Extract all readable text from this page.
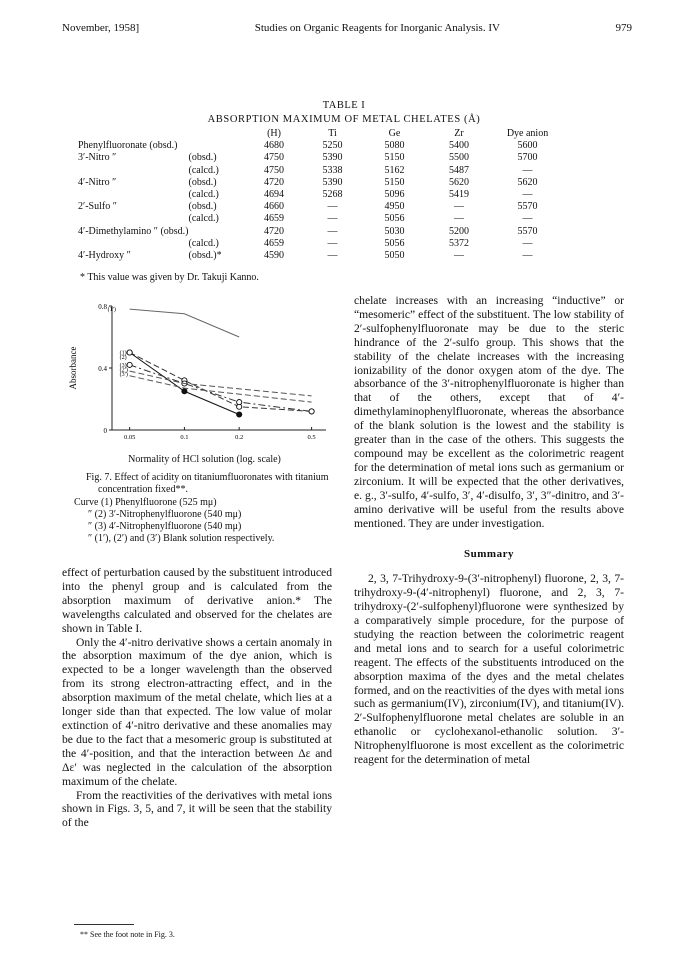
November, 1958]	Studies on Organic Reagents for Inorganic Analysis. IV	979
TABLE I
ABSORPTION MAXIMUM OF METAL CHELATES (Å)
		(H)	Ti	Ge	Zr	Dye anion
Phenylfluoronate (obsd.)		4680	5250	5080	5400	5600
3′-Nitro ″	(obsd.)	4750	5390	5150	5500	5700
	(calcd.)	4750	5338	5162	5487	—
4′-Nitro ″	(obsd.)	4720	5390	5150	5620	5620
	(calcd.)	4694	5268	5096	5419	—
2′-Sulfo ″	(obsd.)	4660	—	4950	—	5570
	(calcd.)	4659	—	5056	—	—
4′-Dimethylamino ″ (obsd.)		4720	—	5030	5200	5570
	(calcd.)	4659	—	5056	5372	—
4′-Hydroxy ″	(obsd.)*	4590	—	5050	—	—
* This value was given by Dr. Takuji Kanno.
0
0.4
0.8
0.05	0.1	0.2	0.5
Absorbance
(1′)
(1)
(2)
(3)
(2′)
(3′)
Normality of HCl solution (log. scale)
Fig. 7. Effect of acidity on titaniumfluoronates with titanium concentration fixed**.
Curve (1) Phenylfluorone (525 mμ)
″ (2) 3′-Nitrophenylfluorone (540 mμ)
″ (3) 4′-Nitrophenylfluorone (540 mμ)
″ (1′), (2′) and (3′) Blank solution respectively.

effect of perturbation caused by the substituent introduced into the phenyl group and is calculated from the absorption maximum of derivative anion.* The wavelengths calculated and observed for the chelates are shown in Table I.

Only the 4′-nitro derivative shows a certain anomaly in the absorption maximum of the dye anion, which is expected to be a longer wavelength than the observed from its strong electron-attracting effect, and in the absorption maximum of the metal chelate, which lies at a longer side than that expected. The low value of molar extinction of 4′-nitro derivative and these anomalies may be due to the fact that a mesomeric group is substituted at the 4′-position, and that the interaction between Δε and Δε′ was neglected in the calculation of the absorption maximum of the chelate.

From the reactivities of the derivatives with metal ions shown in Figs. 3, 5, and 7, it will be seen that the stability of the

** See the foot note in Fig. 3.

chelate increases with an increasing “inductive” or “mesomeric” effect of the substituent. The low stability of 2′-sulfophenylfluoronate may be due to the steric hindrance of the 2′-sulfo group. This shows that the stability of the chelate increases with the increasing ionizability of the donor oxygen atom of the dye. The absorbance of the 3′-nitrophenylfluoronate is higher than that of the others, except that of 4′-dimethylaminophenylfluoronate, whereas the absorbance of the blank solution is the lowest and the stability is greater than in the case of the others. This suggests the compound may be excellent as the colorimetric reagent for the determination of metal ions such as germanium or zirconium. It will be expected that the other derivatives, e. g., 3′-sulfo, 4′-sulfo, 3′, 4′-disulfo, 3′, 3″-dinitro, and 3′-amino derivative will be useful from the results above mentioned. They are under investigation.

Summary

2, 3, 7-Trihydroxy-9-(3′-nitrophenyl) fluorone, 2, 3, 7-trihydroxy-9-(4′-nitrophenyl) fluorone, and 2, 3, 7-trihydroxy-(2′-sulfophenyl)fluorone were synthesized by a comparatively simple procedure, for the purpose of studying the reaction between the colorimetric reagent and metal ions and to search for a useful colorimetric reagent. The effects of the substituents introduced on the absorption maxima of the dyes and the metal chelates formed, and on the reactivities of the dyes with metal ions such as germanium(IV), zirconium(IV), and titanium(IV). 2′-Sulfophenylfluorone metal chelates are soluble in an ethanolic or cyclohexanol-ethanolic solution. 3′-Nitrophenylfluorone is most excellent as the colorimetric reagent for the determination of metal
